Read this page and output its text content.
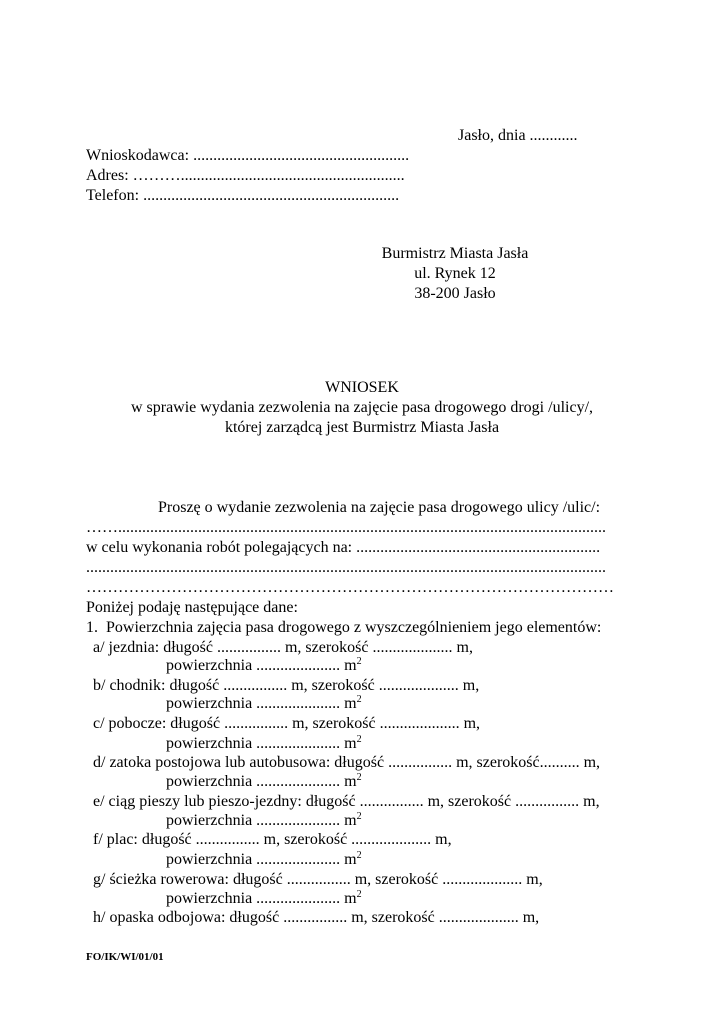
Jasło, dnia ............
Wnioskodawca: ......................................................
Adres: ………........................................................
Telefon: ................................................................
Burmistrz Miasta Jasła
ul. Rynek 12
38-200 Jasło
WNIOSEK
w sprawie wydania zezwolenia na zajęcie pasa drogowego drogi /ulicy/,
której zarządcą jest Burmistrz Miasta Jasła
Proszę o wydanie zezwolenia na zajęcie pasa drogowego ulicy /ulic/:
……..........................................................................................................................
w celu wykonania robót polegających na: .............................................................
..................................................................................................................................
………………………………………………………………………………………
Poniżej podaję następujące dane:
1.  Powierzchnia zajęcia pasa drogowego z wyszczególnieniem jego elementów:
a/ jezdnia: długość ................ m, szerokość .................... m,
powierzchnia ..................... $m^2$
b/ chodnik: długość ................ m, szerokość .................... m,
powierzchnia ..................... $m^2$
c/ pobocze: długość ................ m, szerokość .................... m,
powierzchnia ..................... $m^2$
d/ zatoka postojowa lub autobusowa: długość ................ m, szerokość.......... m,
powierzchnia ..................... $m^2$
e/ ciąg pieszy lub pieszo-jezdny: długość ................ m, szerokość ................ m,
powierzchnia ..................... $m^2$
f/ plac: długość ................ m, szerokość .................... m,
powierzchnia ..................... $m^2$
g/ ścieżka rowerowa: długość ................ m, szerokość .................... m,
powierzchnia ..................... $m^2$
h/ opaska odbojowa: długość ................ m, szerokość .................... m,
FO/IK/WI/01/01
